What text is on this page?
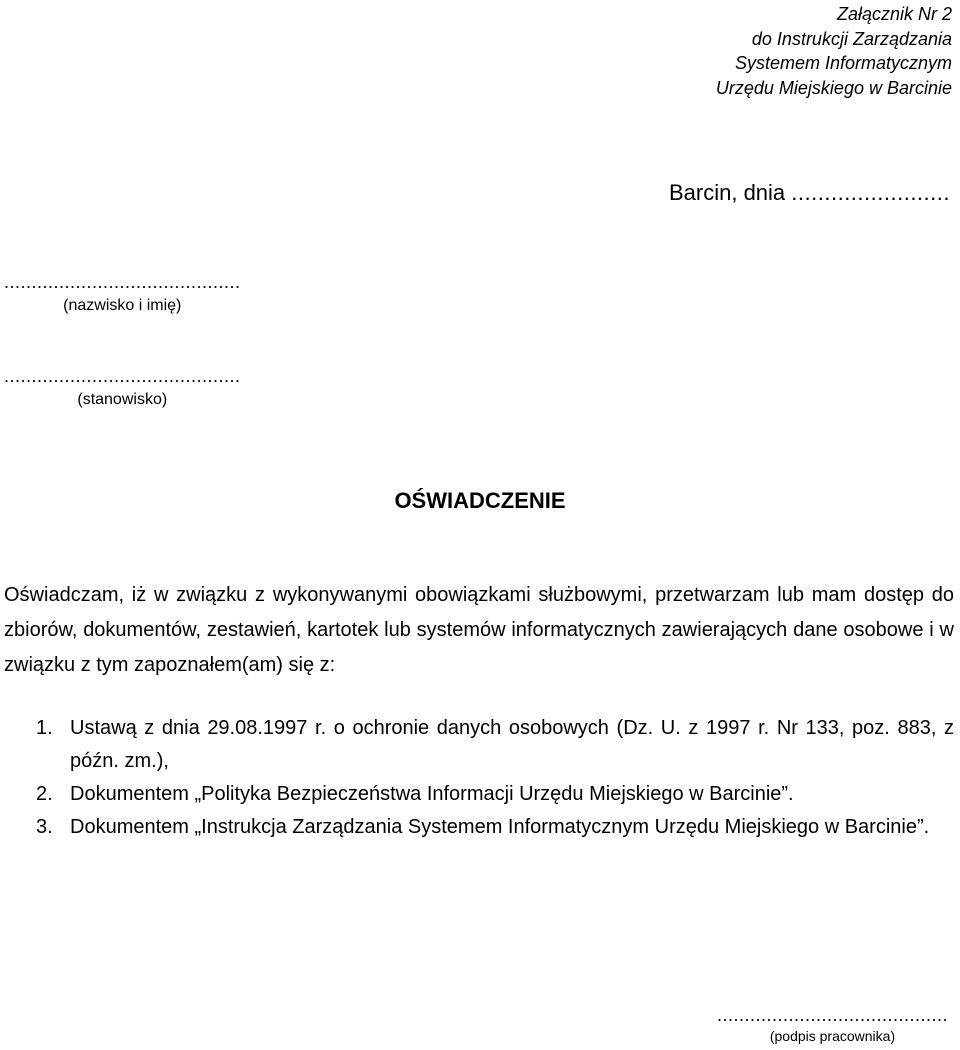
Załącznik Nr 2
do Instrukcji Zarządzania
Systemem Informatycznym
Urzędu Miejskiego w Barcinie
Barcin, dnia ........................
...........................................
(nazwisko i imię)
...........................................
(stanowisko)
OŚWIADCZENIE
Oświadczam, iż w związku z wykonywanymi obowiązkami służbowymi, przetwarzam lub mam dostęp do zbiorów, dokumentów, zestawień, kartotek lub systemów informatycznych zawierających dane osobowe i w związku z tym zapoznałem(am) się z:
1. Ustawą z dnia 29.08.1997 r. o ochronie danych osobowych (Dz. U. z 1997 r. Nr 133, poz. 883, z późn. zm.),
2. Dokumentem „Polityka Bezpieczeństwa Informacji Urzędu Miejskiego w Barcinie”.
3. Dokumentem „Instrukcja Zarządzania Systemem Informatycznym Urzędu Miejskiego w Barcinie”.
..........................................
(podpis pracownika)
